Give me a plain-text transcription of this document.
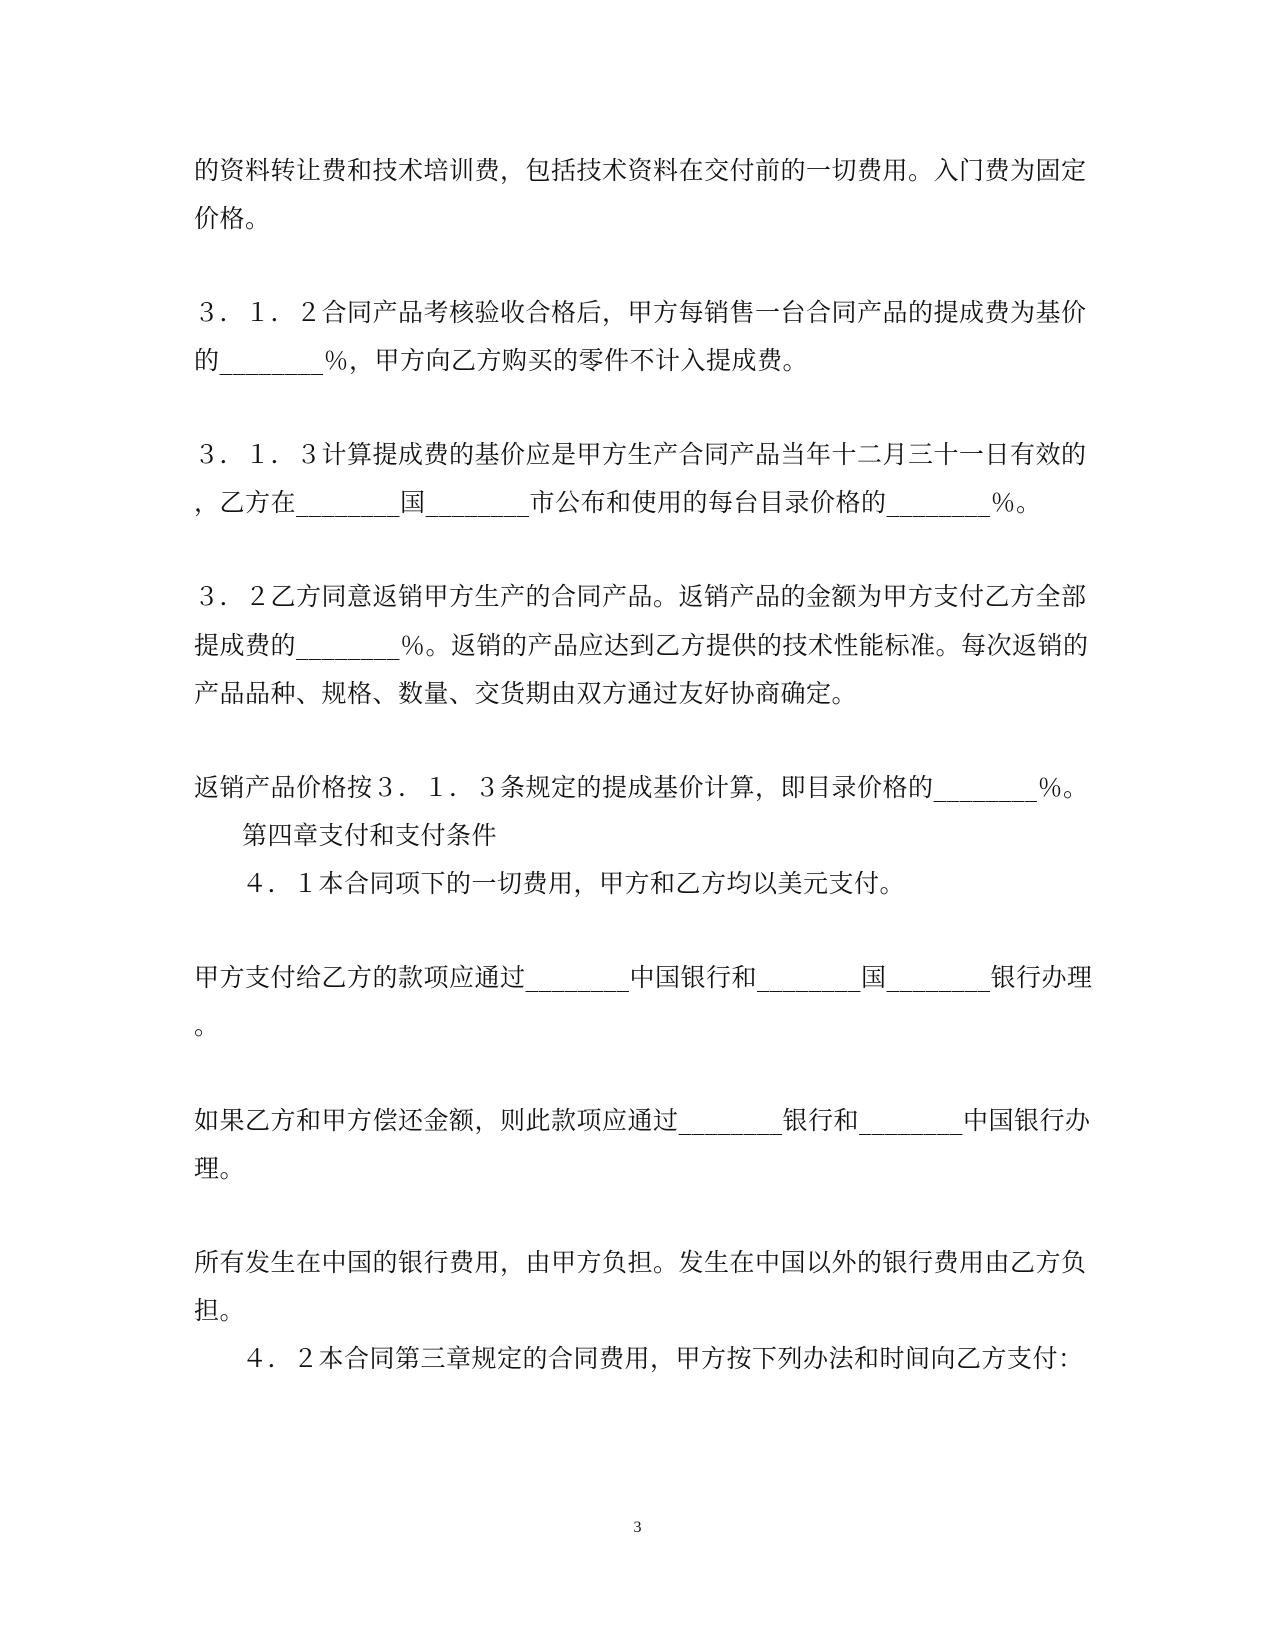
的资料转让费和技术培训费，包括技术资料在交付前的一切费用。入门费为固定
价格。
３．１．２合同产品考核验收合格后，甲方每销售一台合同产品的提成费为基价
的________％，甲方向乙方购买的零件不计入提成费。
３．１．３计算提成费的基价应是甲方生产合同产品当年十二月三十一日有效的
，乙方在________国________市公布和使用的每台目录价格的________％。
３．２乙方同意返销甲方生产的合同产品。返销产品的金额为甲方支付乙方全部
提成费的________％。返销的产品应达到乙方提供的技术性能标准。每次返销的
产品品种、规格、数量、交货期由双方通过友好协商确定。
返销产品价格按３．１．３条规定的提成基价计算，即目录价格的________％。
第四章支付和支付条件
４．１本合同项下的一切费用，甲方和乙方均以美元支付。
甲方支付给乙方的款项应通过________中国银行和________国________银行办理
。
如果乙方和甲方偿还金额，则此款项应通过________银行和________中国银行办
理。
所有发生在中国的银行费用，由甲方负担。发生在中国以外的银行费用由乙方负
担。
４．２本合同第三章规定的合同费用，甲方按下列办法和时间向乙方支付：
3
